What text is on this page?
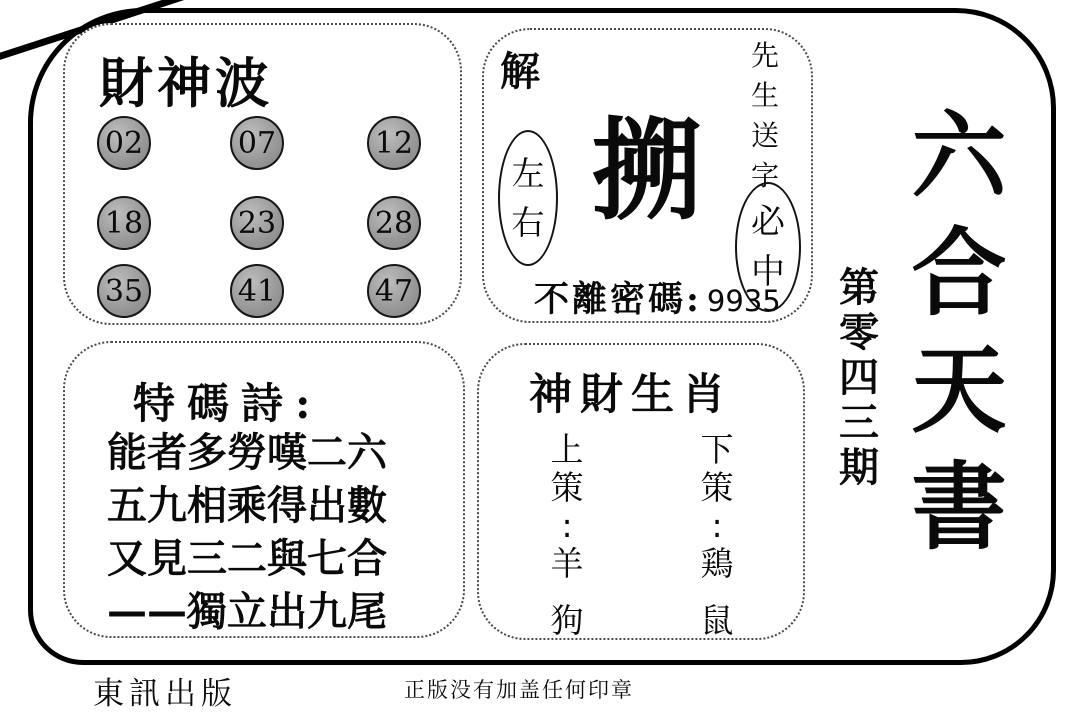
財神波
02	07	12
18	23	28
35	41	47
解
左
右 搠
先
生
送
字
必
中
不離密碼: 9935
特碼詩:
能者多勞嘆二六
五九相乘得出數
又見三二與七合
——獨立出九尾
神財生肖
上
策
:
羊
狗
下
策
:
鶏
鼠
六
合
天
書
第
零
四
三
期
東訊出版	正版没有加盖任何印章
